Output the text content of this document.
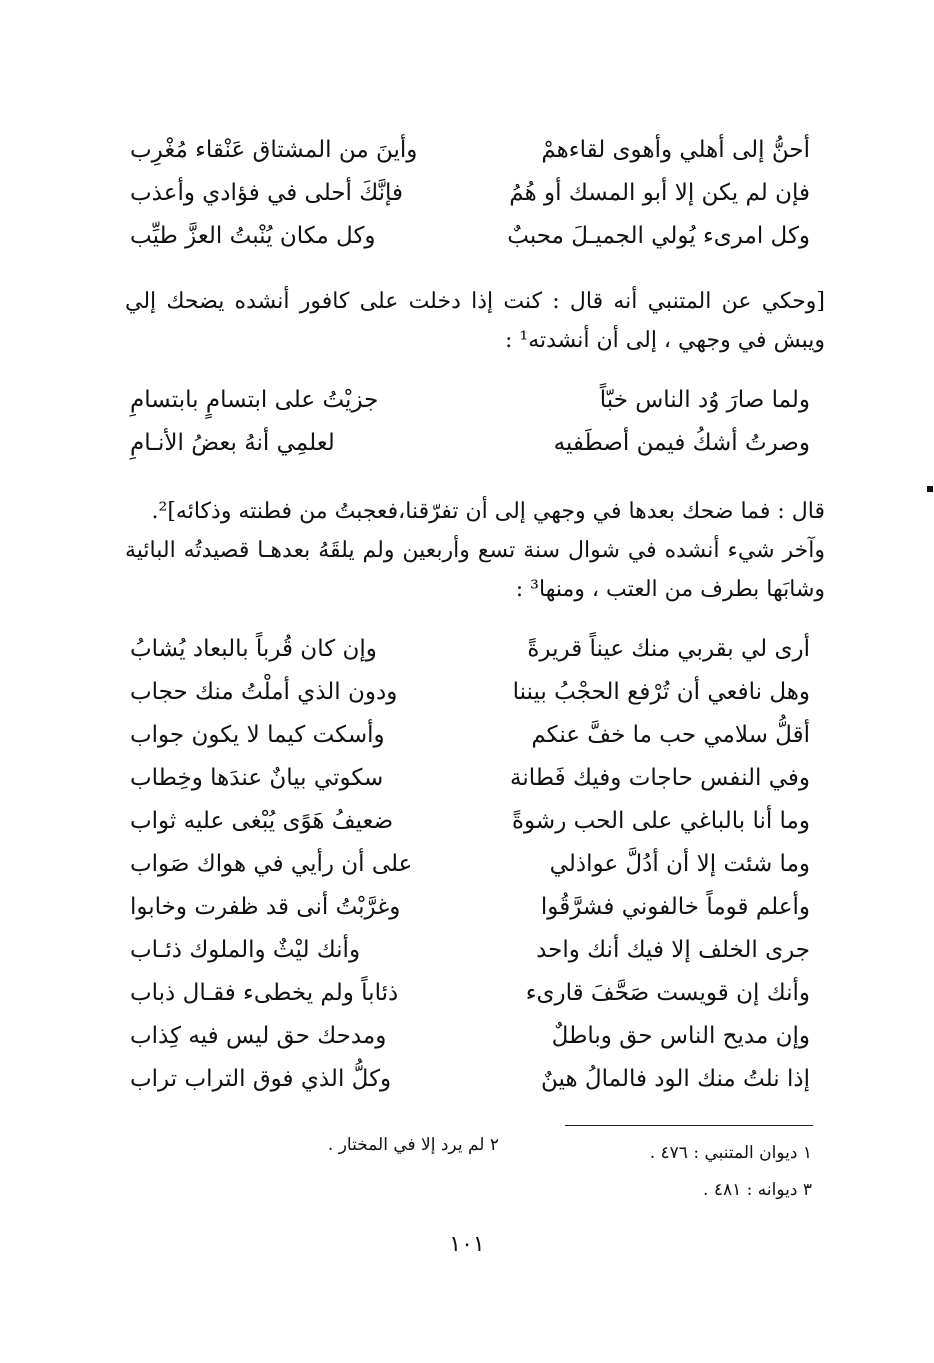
أحنُّ إلى أهلي وأهوى لقاءهمْ
وأينَ من المشتاق عَنْقاء مُغْرِب
فإن لم يكن إلا أبو المسك أو هُمُ
فإنَّكَ أحلى في فؤادي وأعذب
وكل امرىء يُولي الجميـلَ محببٌ
وكل مكان يُنْبتُ العزَّ طيِّب

[وحكي عن المتنبي أنه قال : كنت إذا دخلت على كافور أنشده يضحك إلي ويبش في وجهي ، إلى أن أنشدته¹ :

ولما صارَ وُد الناس خبّاً
جزيْتُ على ابتسامٍ بابتسامِ
وصرتُ أشكُ فيمن أصطَفيه
لعلمِي أنهُ بعضُ الأنـامِ

قال : فما ضحك بعدها في وجهي إلى أن تفرّقنا،فعجبتُ من فطنته وذكائه]².

وآخر شيء أنشده في شوال سنة تسع وأربعين ولم يلقَهُ بعدهـا قصيدتُه البائية وشابَها بطرف من العتب ، ومنها³ :

أرى لي بقربي منك عيناً قريرةً
وإن كان قُرباً بالبعاد يُشابُ
وهل نافعي أن تُرْفع الحجْبُ بيننا
ودون الذي أملْتُ منك حجاب
أقلُّ سلامي حب ما خفَّ عنكم
وأسكت كيما لا يكون جواب
وفي النفس حاجات وفيك فَطانة
سكوتي بيانٌ عندَها وخِطاب
وما أنا بالباغي على الحب رشوةً
ضعيفُ هَوًى يُبْغى عليه ثواب
وما شئت إلا أن أدُلَّ عواذلي
على أن رأيي في هواك صَواب
وأعلم قوماً خالفوني فشرَّقُوا
وغرَّبْتُ أنى قد ظفرت وخابوا
جرى الخلف إلا فيك أنك واحد
وأنك ليْثٌ والملوك ذئـاب
وأنك إن قويست صَحَّفَ قارىء
ذئاباً ولم يخطىء فقـال ذباب
وإن مديح الناس حق وباطلٌ
ومدحك حق ليس فيه كِذاب
إذا نلتُ منك الود فالمالُ هينٌ
وكلُّ الذي فوق التراب تراب
١ ديوان المتنبي : ٤٧٦ .
٢ لم يرد إلا في المختار .
٣ ديوانه : ٤٨١ .
١٠١
